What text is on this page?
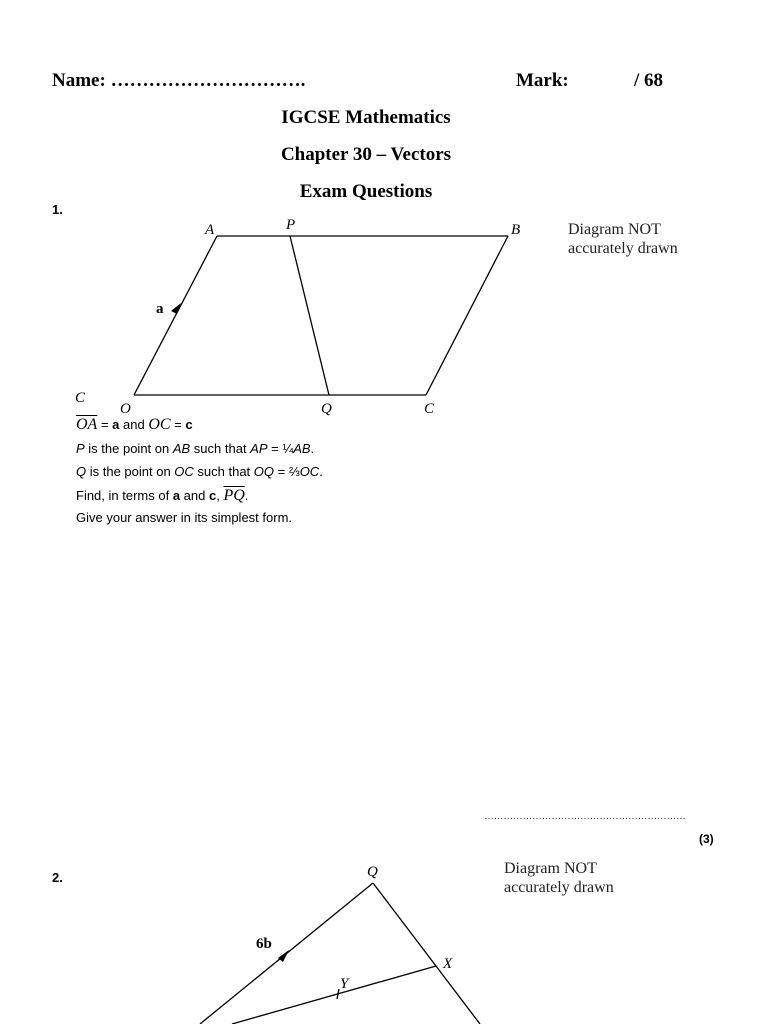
Name: ………………………….	Mark:	/ 68
IGCSE Mathematics
Chapter 30 – Vectors
Exam Questions
1.
A	P	B
O	Q	C
a
C
Q
X
Y
6b
Diagram NOT
accurately drawn
$\overline{OA} = a$ and OC = c
P is the point on AB such that AP = ¼AB.
Q is the point on OC such that OQ = ⅔OC.
Find, in terms of a and c, $\overline{PQ}$.
Give your answer in its simplest form.
………………………………………………………
(3)
2.
Diagram NOT
accurately drawn
